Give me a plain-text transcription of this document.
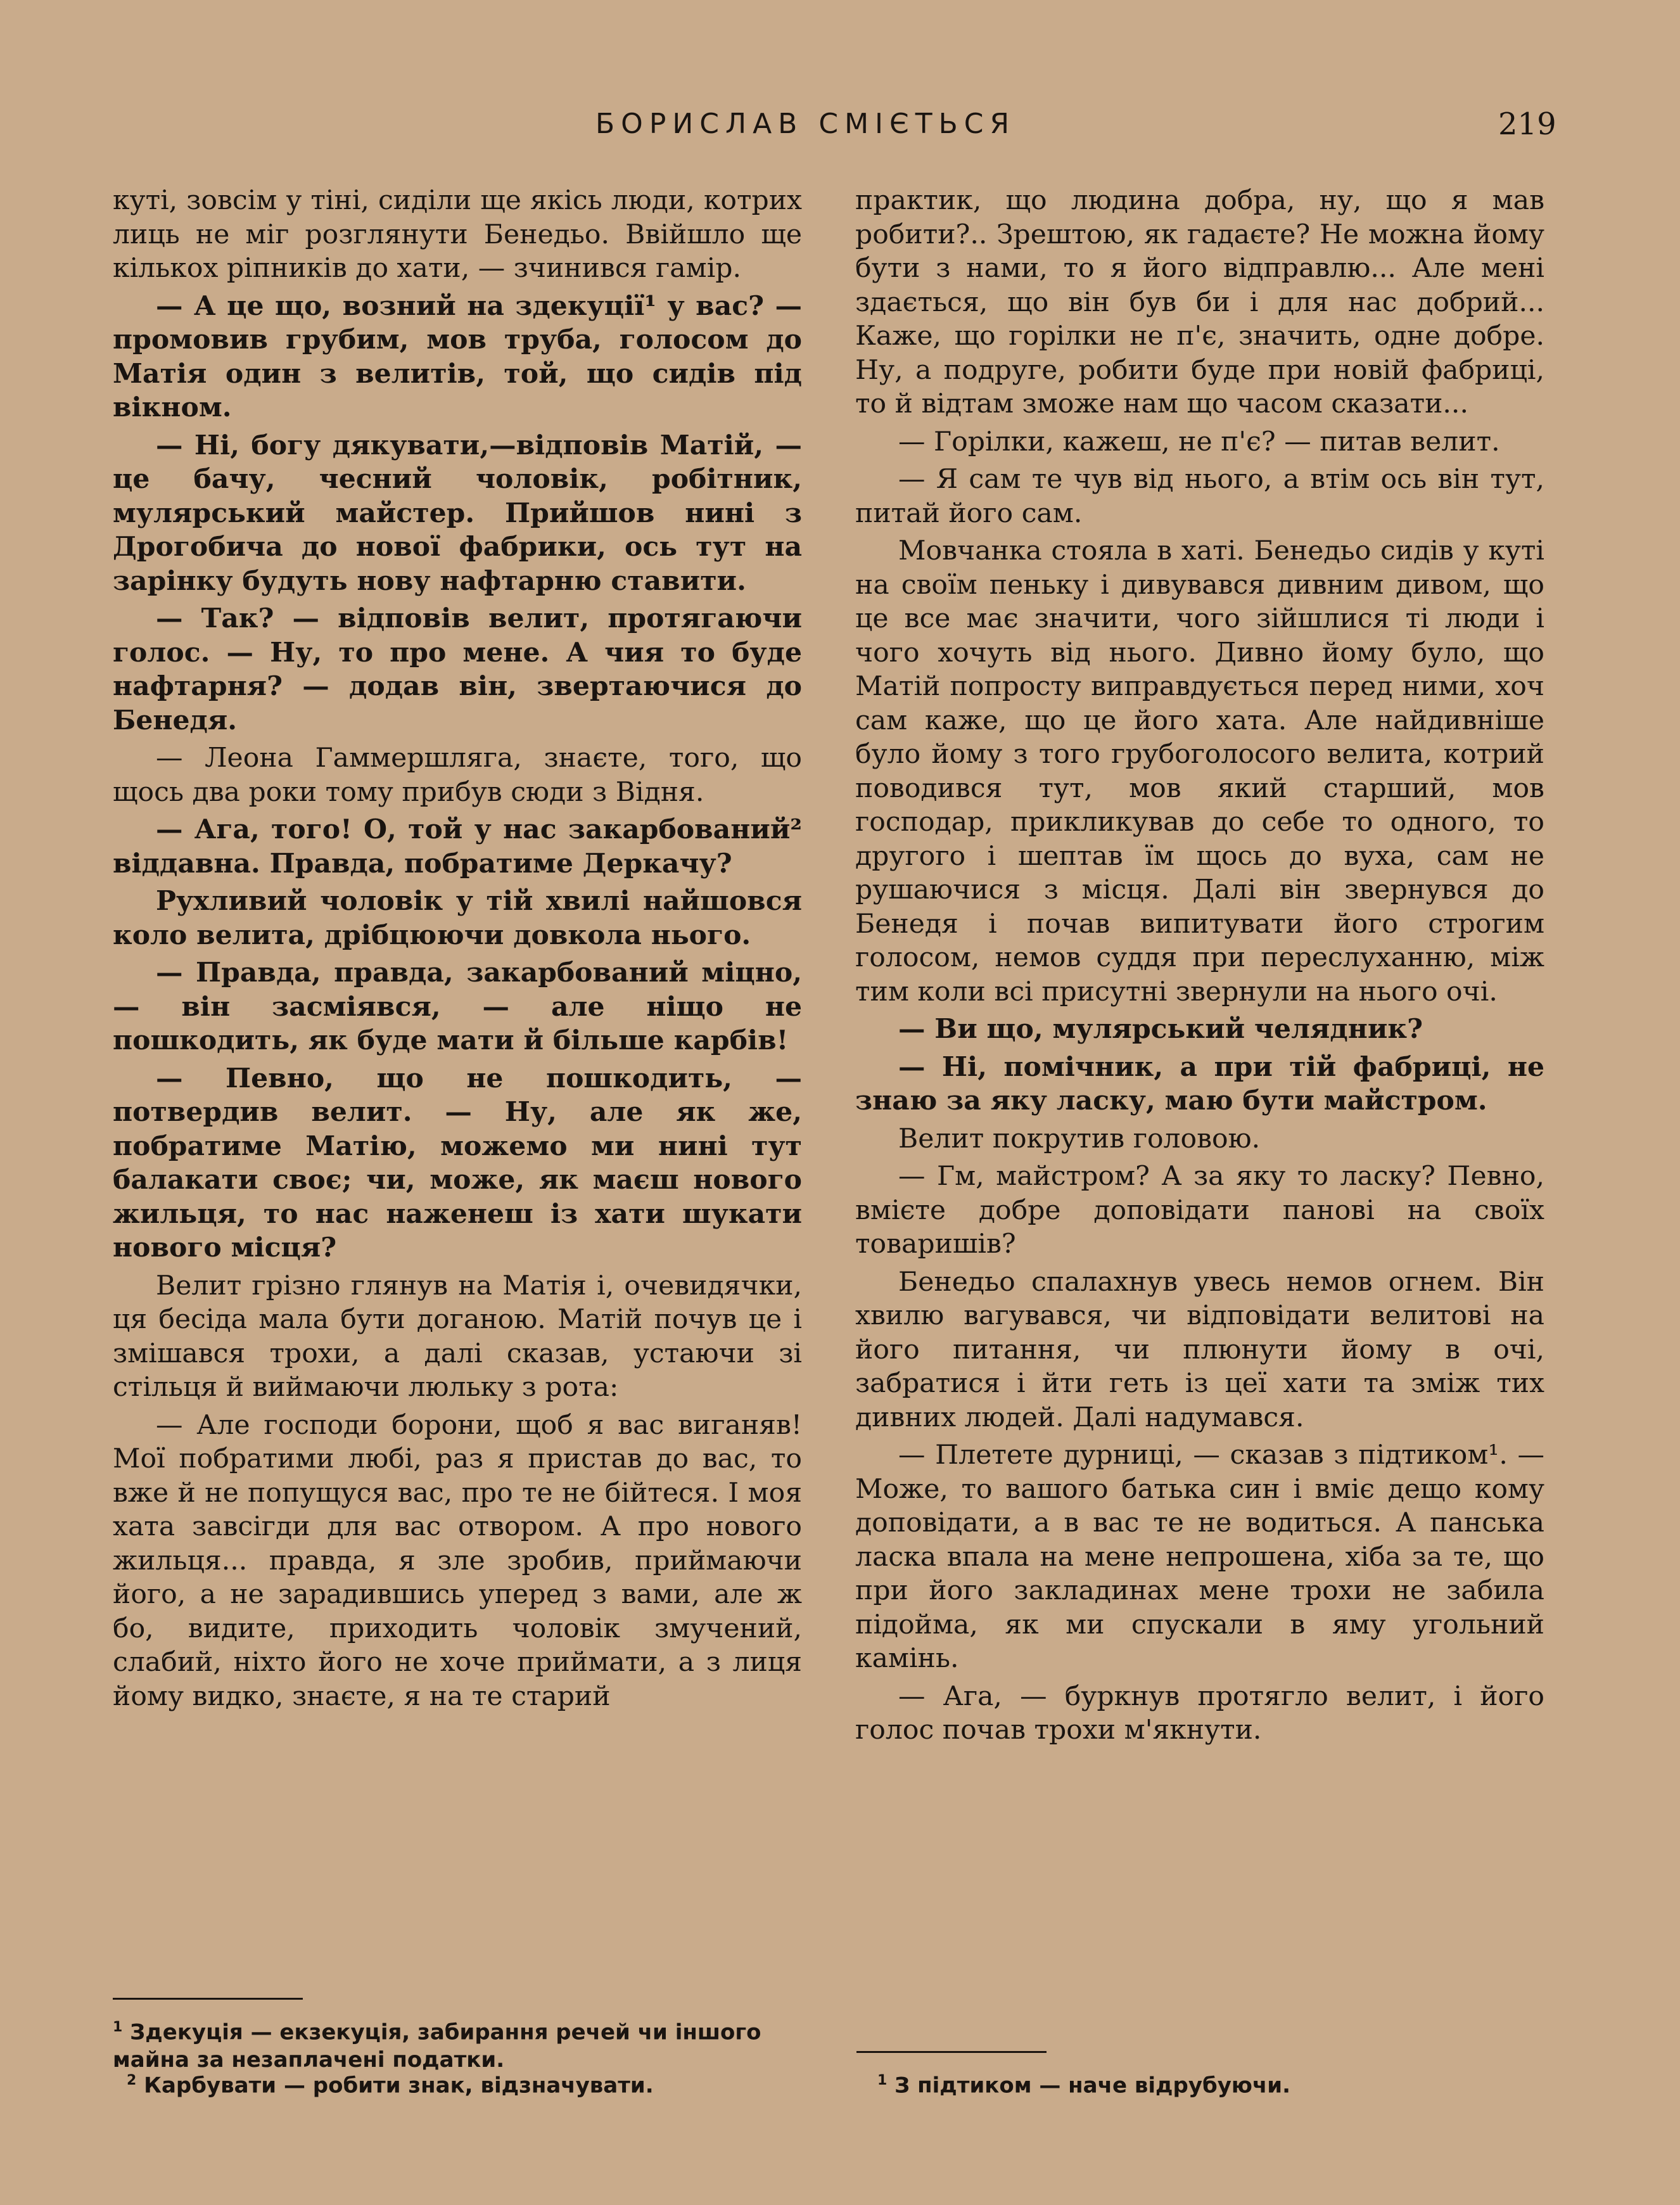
БОРИСЛАВ СМІЄТЬСЯ	219

куті, зовсім у тіні, сиділи ще якісь люди, котрих лиць не міг розглянути Бенедьо. Ввійшло ще кількох ріпників до хати, — зчинився гамір.

— А це що, возний на здекуції¹ у вас? — промовив грубим, мов труба, голосом до Матія один з велитів, той, що сидів під вікном.

— Ні, богу дякувати,—відповів Матій, — це бачу, чесний чоловік, робітник, мулярський майстер. Прийшов нині з Дрогобича до нової фабрики, ось тут на зарінку будуть нову нафтарню ставити.

— Так? — відповів велит, протягаючи голос. — Ну, то про мене. А чия то буде нафтарня? — додав він, звертаючися до Бенедя.

— Леона Гаммершляга, знаєте, того, що щось два роки тому прибув сюди з Відня.

— Ага, того! О, той у нас закарбований² віддавна. Правда, побратиме Деркачу?

Рухливий чоловік у тій хвилі найшовся коло велита, дрібцюючи довкола нього.

— Правда, правда, закарбований міцно, — він засміявся, — але ніщо не пошкодить, як буде мати й більше карбів!

— Певно, що не пошкодить, — потвердив велит. — Ну, але як же, побратиме Матію, можемо ми нині тут балакати своє; чи, може, як маєш нового жильця, то нас наженеш із хати шукати нового місця?

Велит грізно глянув на Матія і, очевидячки, ця бесіда мала бути доганою. Матій почув це і змішався трохи, а далі сказав, устаючи зі стільця й виймаючи люльку з рота:

— Але господи борони, щоб я вас виганяв! Мої побратими любі, раз я пристав до вас, то вже й не попущуся вас, про те не бійтеся. І моя хата завсігди для вас отвором. А про нового жильця... правда, я зле зробив, приймаючи його, а не зарадившись уперед з вами, але ж бо, видите, приходить чоловік змучений, слабий, ніхто його не хоче приймати, а з лиця йому видко, знаєте, я на те старий

практик, що людина добра, ну, що я мав робити?.. Зрештою, як гадаєте? Не можна йому бути з нами, то я його відправлю... Але мені здається, що він був би і для нас добрий... Каже, що горілки не п'є, значить, одне добре. Ну, а подруге, робити буде при новій фабриці, то й відтам зможе нам що часом сказати...

— Горілки, кажеш, не п'є? — питав велит.

— Я сам те чув від нього, а втім ось він тут, питай його сам.

Мовчанка стояла в хаті. Бенедьо сидів у куті на своїм пеньку і дивувався дивним дивом, що це все має значити, чого зійшлися ті люди і чого хочуть від нього. Дивно йому було, що Матій попросту виправдується перед ними, хоч сам каже, що це його хата. Але найдивніше було йому з того грубоголосого велита, котрий поводився тут, мов який старший, мов господар, прикликував до себе то одного, то другого і шептав їм щось до вуха, сам не рушаючися з місця. Далі він звернувся до Бенедя і почав випитувати його строгим голосом, немов суддя при переслуханню, між тим коли всі присутні звернули на нього очі.

— Ви що, мулярський челядник?

— Ні, помічник, а при тій фабриці, не знаю за яку ласку, маю бути майстром.

Велит покрутив головою.

— Гм, майстром? А за яку то ласку? Певно, вмієте добре доповідати панові на своїх товаришів?

Бенедьо спалахнув увесь немов огнем. Він хвилю вагувався, чи відповідати велитові на його питання, чи плюнути йому в очі, забратися і йти геть із цеї хати та зміж тих дивних людей. Далі надумався.

— Плетете дурниці, — сказав з підтиком¹. — Може, то вашого батька син і вміє дещо кому доповідати, а в вас те не водиться. А панська ласка впала на мене непрошена, хіба за те, що при його закладинах мене трохи не забила підойма, як ми спускали в яму угольний камінь.

— Ага, — буркнув протягло велит, і його голос почав трохи м'якнути.

$^1$ Здекуція — екзекуція, забирання речей чи іншого майна за незаплачені податки.
$^2$ Карбувати — робити знак, відзначувати.	$^1$ З підтиком — наче відрубуючи.
